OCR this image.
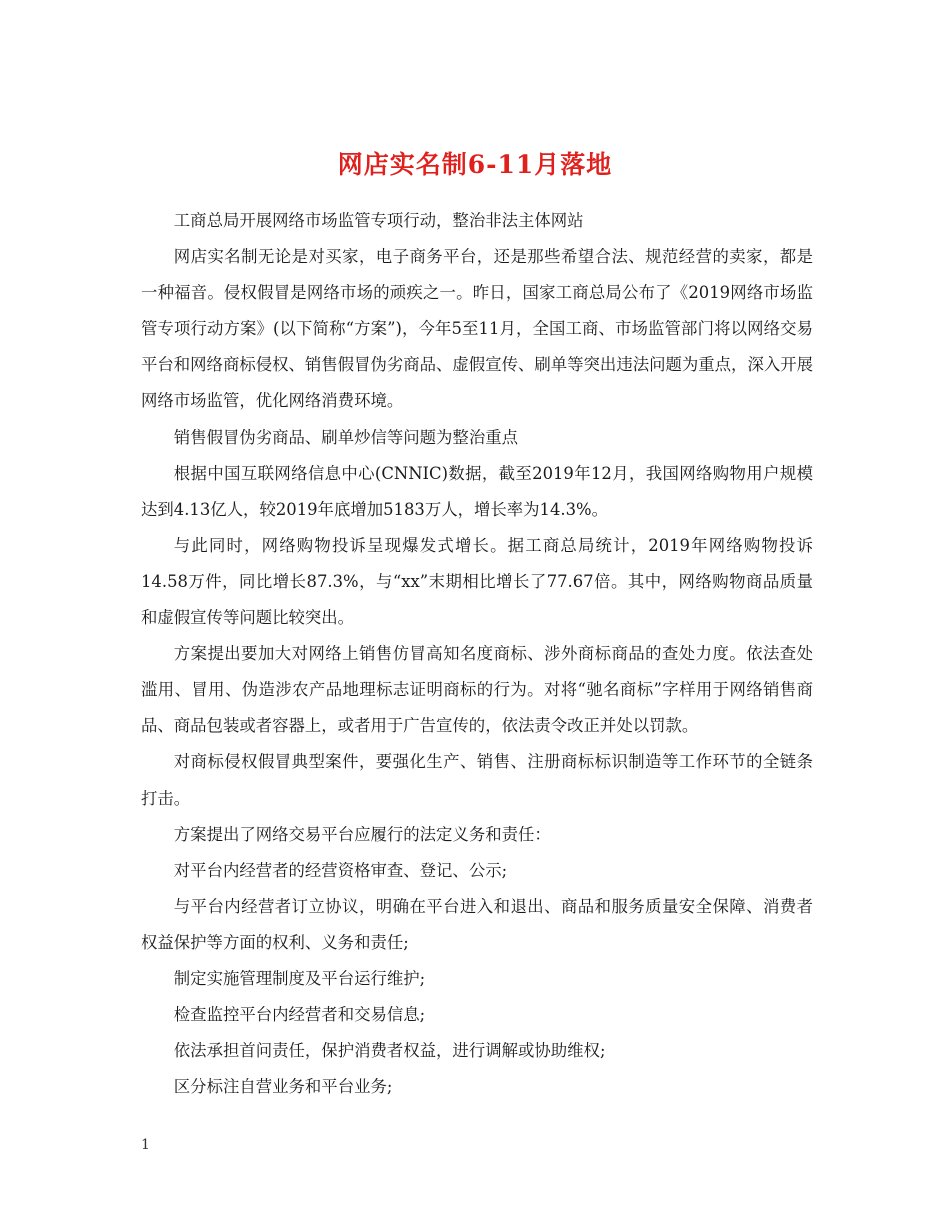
网店实名制6-11月落地

工商总局开展网络市场监管专项行动，整治非法主体网站

网店实名制无论是对买家，电子商务平台，还是那些希望合法、规范经营的卖家，都是一种福音。侵权假冒是网络市场的顽疾之一。昨日，国家工商总局公布了《2019网络市场监管专项行动方案》(以下简称“方案”)，今年5至11月，全国工商、市场监管部门将以网络交易平台和网络商标侵权、销售假冒伪劣商品、虚假宣传、刷单等突出违法问题为重点，深入开展网络市场监管，优化网络消费环境。

销售假冒伪劣商品、刷单炒信等问题为整治重点

根据中国互联网络信息中心(CNNIC)数据，截至2019年12月，我国网络购物用户规模达到4.13亿人，较2019年底增加5183万人，增长率为14.3%。

与此同时，网络购物投诉呈现爆发式增长。据工商总局统计，2019年网络购物投诉14.58万件，同比增长87.3%，与“xx”末期相比增长了77.67倍。其中，网络购物商品质量和虚假宣传等问题比较突出。

方案提出要加大对网络上销售仿冒高知名度商标、涉外商标商品的查处力度。依法查处滥用、冒用、伪造涉农产品地理标志证明商标的行为。对将“驰名商标”字样用于网络销售商品、商品包装或者容器上，或者用于广告宣传的，依法责令改正并处以罚款。

对商标侵权假冒典型案件，要强化生产、销售、注册商标标识制造等工作环节的全链条打击。

方案提出了网络交易平台应履行的法定义务和责任：

对平台内经营者的经营资格审查、登记、公示;

与平台内经营者订立协议，明确在平台进入和退出、商品和服务质量安全保障、消费者权益保护等方面的权利、义务和责任;

制定实施管理制度及平台运行维护;

检查监控平台内经营者和交易信息;

依法承担首问责任，保护消费者权益，进行调解或协助维权;

区分标注自营业务和平台业务;

1
